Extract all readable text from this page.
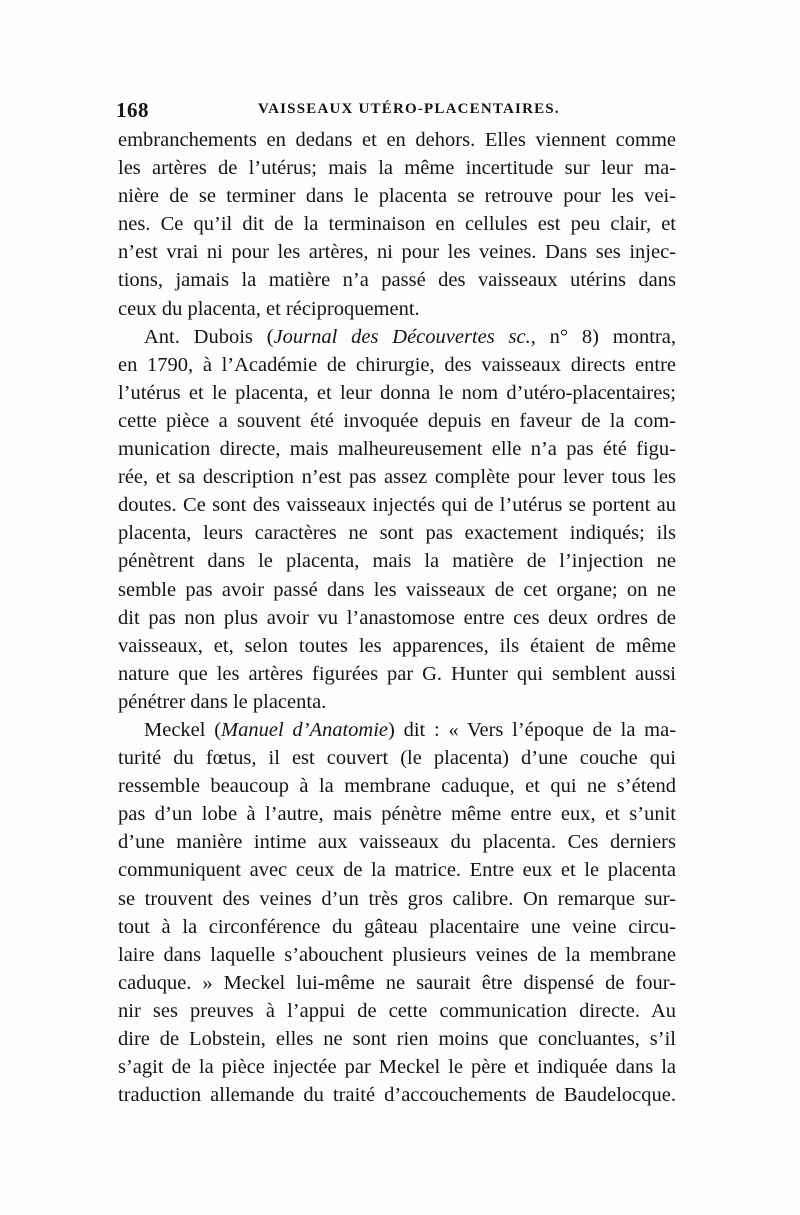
168	VAISSEAUX UTÉRO-PLACENTAIRES.
embranchements en dedans et en dehors. Elles viennent comme
les artères de l’utérus; mais la même incertitude sur leur ma-
nière de se terminer dans le placenta se retrouve pour les vei-
nes. Ce qu’il dit de la terminaison en cellules est peu clair, et
n’est vrai ni pour les artères, ni pour les veines. Dans ses injec-
tions, jamais la matière n’a passé des vaisseaux utérins dans
ceux du placenta, et réciproquement.
Ant. Dubois (Journal des Découvertes sc., n° 8) montra,
en 1790, à l’Académie de chirurgie, des vaisseaux directs entre
l’utérus et le placenta, et leur donna le nom d’utéro-placentaires;
cette pièce a souvent été invoquée depuis en faveur de la com-
munication directe, mais malheureusement elle n’a pas été figu-
rée, et sa description n’est pas assez complète pour lever tous les
doutes. Ce sont des vaisseaux injectés qui de l’utérus se portent au
placenta, leurs caractères ne sont pas exactement indiqués; ils
pénètrent dans le placenta, mais la matière de l’injection ne
semble pas avoir passé dans les vaisseaux de cet organe; on ne
dit pas non plus avoir vu l’anastomose entre ces deux ordres de
vaisseaux, et, selon toutes les apparences, ils étaient de même
nature que les artères figurées par G. Hunter qui semblent aussi
pénétrer dans le placenta.
Meckel (Manuel d’Anatomie) dit : « Vers l’époque de la ma-
turité du fœtus, il est couvert (le placenta) d’une couche qui
ressemble beaucoup à la membrane caduque, et qui ne s’étend
pas d’un lobe à l’autre, mais pénètre même entre eux, et s’unit
d’une manière intime aux vaisseaux du placenta. Ces derniers
communiquent avec ceux de la matrice. Entre eux et le placenta
se trouvent des veines d’un très gros calibre. On remarque sur-
tout à la circonférence du gâteau placentaire une veine circu-
laire dans laquelle s’abouchent plusieurs veines de la membrane
caduque. » Meckel lui-même ne saurait être dispensé de four-
nir ses preuves à l’appui de cette communication directe. Au
dire de Lobstein, elles ne sont rien moins que concluantes, s’il
s’agit de la pièce injectée par Meckel le père et indiquée dans la
traduction allemande du traité d’accouchements de Baudelocque.
